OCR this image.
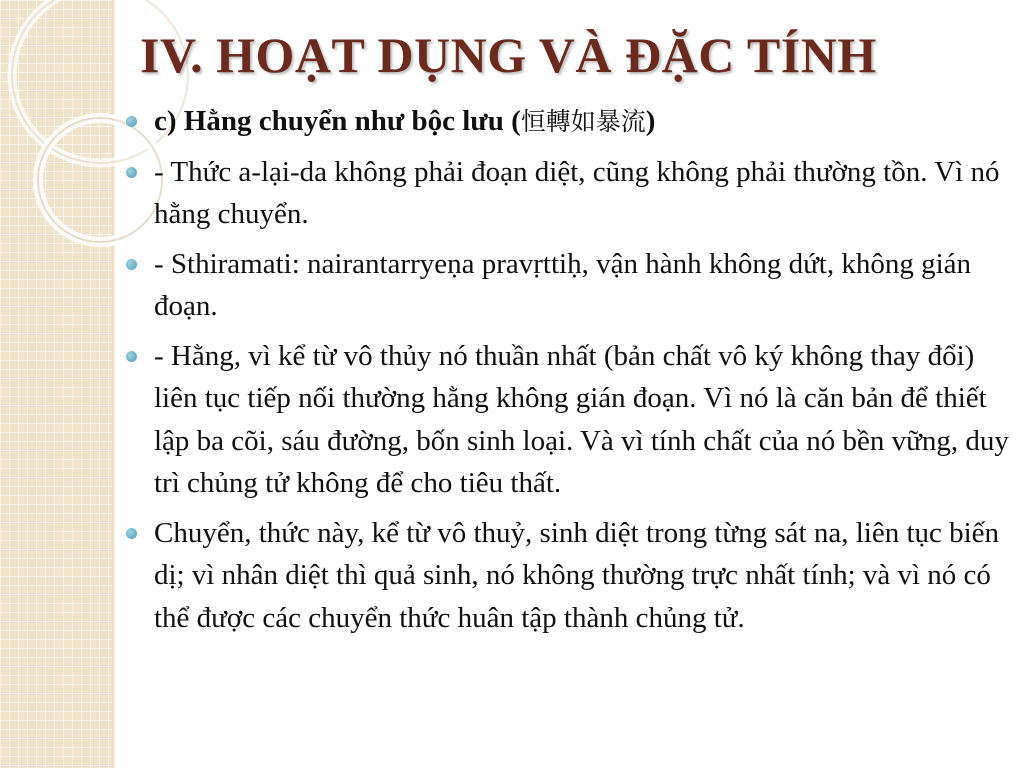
IV. HOẠT DỤNG VÀ ĐẶC TÍNH
c) Hằng chuyển như bộc lưu (恒轉如暴流)
- Thức a-lại-da không phải đoạn diệt, cũng không phải thường tồn. Vì nó hằng chuyển.
- Sthiramati: nairantarryeṇa pravṛttiḥ, vận hành không dứt, không gián đoạn.
- Hằng, vì kể từ vô thủy nó thuần nhất (bản chất vô ký không thay đổi) liên tục tiếp nối thường hằng không gián đoạn. Vì nó là căn bản để thiết lập ba cõi, sáu đường, bốn sinh loại. Và vì tính chất của nó bền vững, duy trì chủng tử không để cho tiêu thất.
Chuyển, thức này, kể từ vô thuỷ, sinh diệt trong từng sát na, liên tục biến dị; vì nhân diệt thì quả sinh, nó không thường trực nhất tính; và vì nó có thể được các chuyển thức huân tập thành chủng tử.
